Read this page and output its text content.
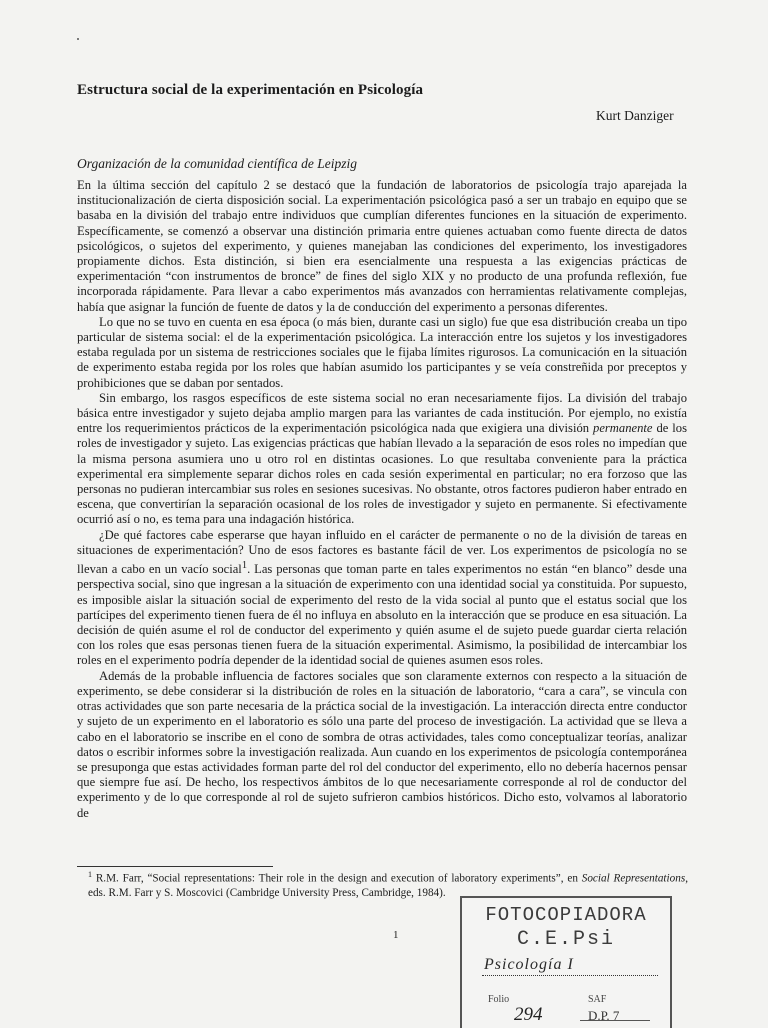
Estructura social de la experimentación en Psicología
Kurt Danziger
Organización de la comunidad científica de Leipzig

En la última sección del capítulo 2 se destacó que la fundación de laboratorios de psicología trajo aparejada la institucionalización de cierta disposición social. La experimentación psicológica pasó a ser un trabajo en equipo que se basaba en la división del trabajo entre individuos que cumplían diferentes funciones en la situación de experimento. Específicamente, se comenzó a observar una distinción primaria entre quienes actuaban como fuente directa de datos psicológicos, o sujetos del experimento, y quienes manejaban las condiciones del experimento, los investigadores propiamente dichos. Esta distinción, si bien era esencialmente una respuesta a las exigencias prácticas de experimentación “con instrumentos de bronce” de fines del siglo XIX y no producto de una profunda reflexión, fue incorporada rápidamente. Para llevar a cabo experimentos más avanzados con herramientas relativamente complejas, había que asignar la función de fuente de datos y la de conducción del experimento a personas diferentes.

Lo que no se tuvo en cuenta en esa época (o más bien, durante casi un siglo) fue que esa distribución creaba un tipo particular de sistema social: el de la experimentación psicológica. La interacción entre los sujetos y los investigadores estaba regulada por un sistema de restricciones sociales que le fijaba límites rigurosos. La comunicación en la situación de experimento estaba regida por los roles que habían asumido los participantes y se veía constreñida por preceptos y prohibiciones que se daban por sentados.

Sin embargo, los rasgos específicos de este sistema social no eran necesariamente fijos. La división del trabajo básica entre investigador y sujeto dejaba amplio margen para las variantes de cada institución. Por ejemplo, no existía entre los requerimientos prácticos de la experimentación psicológica nada que exigiera una división permanente de los roles de investigador y sujeto. Las exigencias prácticas que habían llevado a la separación de esos roles no impedían que la misma persona asumiera uno u otro rol en distintas ocasiones. Lo que resultaba conveniente para la práctica experimental era simplemente separar dichos roles en cada sesión experimental en particular; no era forzoso que las personas no pudieran intercambiar sus roles en sesiones sucesivas. No obstante, otros factores pudieron haber entrado en escena, que convertirían la separación ocasional de los roles de investigador y sujeto en permanente. Si efectivamente ocurrió así o no, es tema para una indagación histórica.

¿De qué factores cabe esperarse que hayan influido en el carácter de permanente o no de la división de tareas en situaciones de experimentación? Uno de esos factores es bastante fácil de ver. Los experimentos de psicología no se llevan a cabo en un vacío social$^1$. Las personas que toman parte en tales experimentos no están “en blanco” desde una perspectiva social, sino que ingresan a la situación de experimento con una identidad social ya constituida. Por supuesto, es imposible aislar la situación social de experimento del resto de la vida social al punto que el estatus social que los partícipes del experimento tienen fuera de él no influya en absoluto en la interacción que se produce en esa situación. La decisión de quién asume el rol de conductor del experimento y quién asume el de sujeto puede guardar cierta relación con los roles que esas personas tienen fuera de la situación experimental. Asimismo, la posibilidad de intercambiar los roles en el experimento podría depender de la identidad social de quienes asumen esos roles.

Además de la probable influencia de factores sociales que son claramente externos con respecto a la situación de experimento, se debe considerar si la distribución de roles en la situación de laboratorio, “cara a cara”, se vincula con otras actividades que son parte necesaria de la práctica social de la investigación. La interacción directa entre conductor y sujeto de un experimento en el laboratorio es sólo una parte del proceso de investigación. La actividad que se lleva a cabo en el laboratorio se inscribe en el cono de sombra de otras actividades, tales como conceptualizar teorías, analizar datos o escribir informes sobre la investigación realizada. Aun cuando en los experimentos de psicología contemporánea se presuponga que estas actividades forman parte del rol del conductor del experimento, ello no debería hacernos pensar que siempre fue así. De hecho, los respectivos ámbitos de lo que necesariamente corresponde al rol de conductor del experimento y de lo que corresponde al rol de sujeto sufrieron cambios históricos. Dicho esto, volvamos al laboratorio de

$^1$ R.M. Farr, “Social representations: Their role in the design and execution of laboratory experiments”, en Social Representations, eds. R.M. Farr y S. Moscovici (Cambridge University Press, Cambridge, 1984).
1
FOTOCOPIADORA
C.E.Psi
Psicología I
Folio
294
SAF
D.P. 7
